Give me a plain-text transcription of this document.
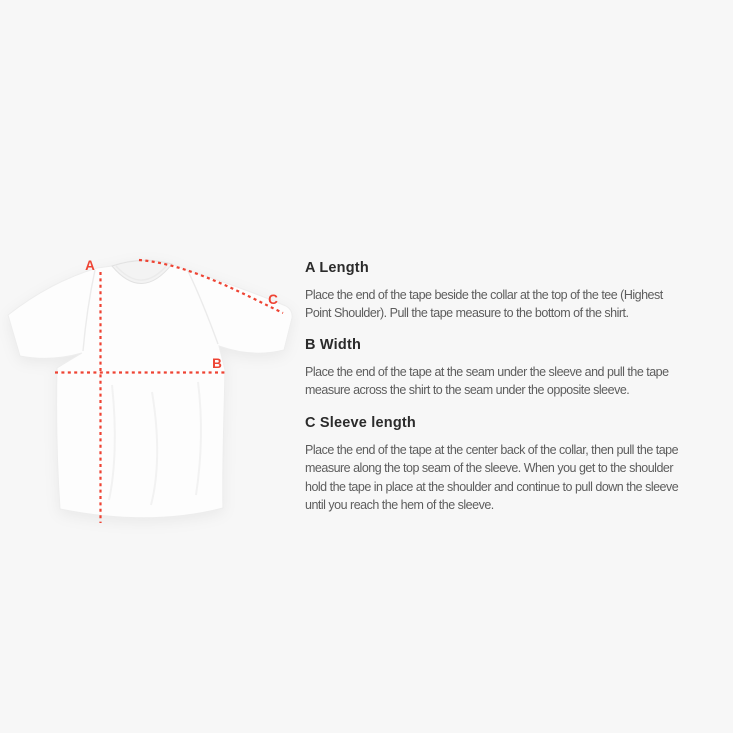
A
B
C
A Length
Place the end of the tape beside the collar at the top of the tee (Highest
Point Shoulder). Pull the tape measure to the bottom of the shirt.
B Width
Place the end of the tape at the seam under the sleeve and pull the tape
measure across the shirt to the seam under the opposite sleeve.
C Sleeve length
Place the end of the tape at the center back of the collar, then pull the tape
measure along the top seam of the sleeve. When you get to the shoulder
hold the tape in place at the shoulder and continue to pull down the sleeve
until you reach the hem of the sleeve.
